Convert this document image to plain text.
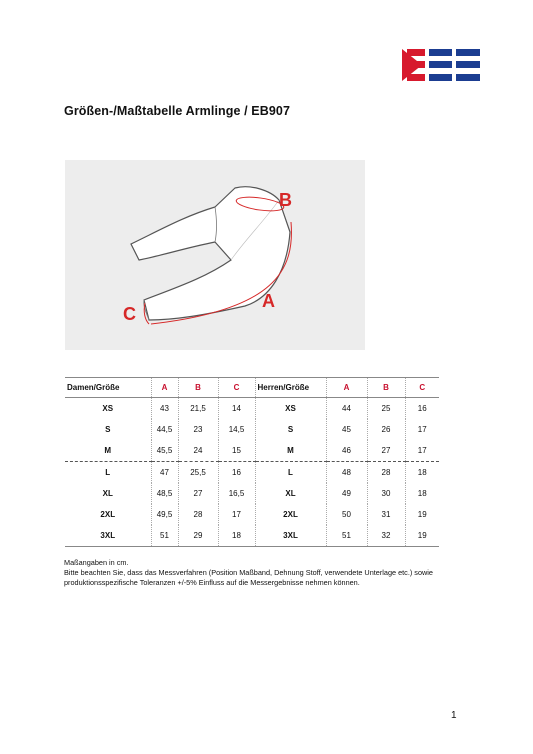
Größen-/Maßtabelle Armlinge / EB907
B
A
C
Damen/Größe	A	B	C	Herren/Größe	A	B	C
XS	43	21,5	14	XS	44	25	16
S	44,5	23	14,5	S	45	26	17
M	45,5	24	15	M	46	27	17
L	47	25,5	16	L	48	28	18
XL	48,5	27	16,5	XL	49	30	18
2XL	49,5	28	17	2XL	50	31	19
3XL	51	29	18	3XL	51	32	19
Maßangaben in cm.
Bitte beachten Sie, dass das Messverfahren (Position Maßband, Dehnung Stoff, verwendete Unterlage etc.) sowie produktionsspezifische Toleranzen +/-5% Einfluss auf die Messergebnisse nehmen können.
1
